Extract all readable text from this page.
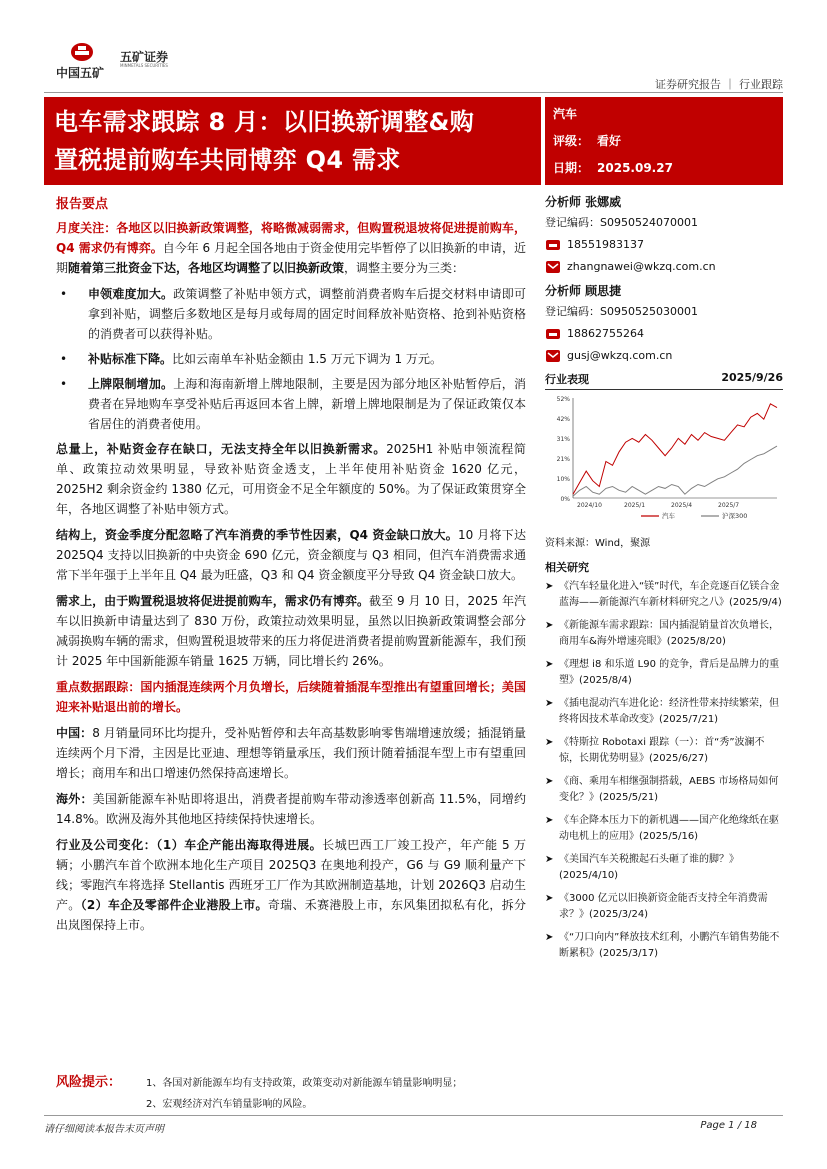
中国五矿
五矿证券
MINMETALS SECURITIES
证券研究报告 ｜ 行业跟踪
电车需求跟踪 8 月：以旧换新调整&购
置税提前购车共同博弈 Q4 需求
汽车
评级： 看好
日期： 2025.09.27
报告要点

月度关注：各地区以旧换新政策调整，将略微减弱需求，但购置税退坡将促进提前购车，Q4 需求仍有博弈。自今年 6 月起全国各地由于资金使用完毕暂停了以旧换新的申请，近期随着第三批资金下达，各地区均调整了以旧换新政策，调整主要分为三类：

• 申领难度加大。政策调整了补贴申领方式，调整前消费者购车后提交材料申请即可拿到补贴，调整后多数地区是每月或每周的固定时间释放补贴资格、抢到补贴资格的消费者可以获得补贴。
• 补贴标准下降。比如云南单车补贴金额由 1.5 万元下调为 1 万元。
• 上牌限制增加。上海和海南新增上牌地限制，主要是因为部分地区补贴暂停后，消费者在异地购车享受补贴后再返回本省上牌，新增上牌地限制是为了保证政策仅本省居住的消费者使用。

总量上，补贴资金存在缺口，无法支持全年以旧换新需求。2025H1 补贴申领流程简单、政策拉动效果明显，导致补贴资金透支，上半年使用补贴资金 1620 亿元， 2025H2 剩余资金约 1380 亿元，可用资金不足全年额度的 50%。为了保证政策贯穿全年，各地区调整了补贴申领方式。

结构上，资金季度分配忽略了汽车消费的季节性因素，Q4 资金缺口放大。10 月将下达 2025Q4 支持以旧换新的中央资金 690 亿元，资金额度与 Q3 相同，但汽车消费需求通常下半年强于上半年且 Q4 最为旺盛，Q3 和 Q4 资金额度平分导致 Q4 资金缺口放大。

需求上，由于购置税退坡将促进提前购车，需求仍有博弈。截至 9 月 10 日，2025 年汽车以旧换新申请量达到了 830 万份，政策拉动效果明显，虽然以旧换新政策调整会部分减弱换购车辆的需求，但购置税退坡带来的压力将促进消费者提前购置新能源车，我们预计 2025 年中国新能源车销量 1625 万辆，同比增长约 26%。

重点数据跟踪：国内插混连续两个月负增长，后续随着插混车型推出有望重回增长；美国迎来补贴退出前的增长。

中国：8 月销量同环比均提升，受补贴暂停和去年高基数影响零售端增速放缓；插混销量连续两个月下滑，主因是比亚迪、理想等销量承压，我们预计随着插混车型上市有望重回增长；商用车和出口增速仍然保持高速增长。

海外：美国新能源车补贴即将退出，消费者提前购车带动渗透率创新高 11.5%，同增约 14.8%。欧洲及海外其他地区持续保持快速增长。

行业及公司变化：（1）车企产能出海取得进展。长城巴西工厂竣工投产，年产能 5 万辆；小鹏汽车首个欧洲本地化生产项目 2025Q3 在奥地利投产，G6 与 G9 顺利量产下线；零跑汽车将选择 Stellantis 西班牙工厂作为其欧洲制造基地，计划 2026Q3 启动生产。（2）车企及零部件企业港股上市。奇瑞、禾赛港股上市，东风集团拟私有化，拆分出岚图保持上市。

风险提示： 1、各国对新能源车均有支持政策，政策变动对新能源车销量影响明显；
2、宏观经济对汽车销量影响的风险。
分析师 张娜威
登记编码：S0950524070001
18551983137
zhangnawei@wkzq.com.cn
分析师 顾思捷
登记编码：S0950525030001
18862755264
gusj@wkzq.com.cn
行业表现	2025/9/26
52%
42%
31%
21%
10%
0%
2024/10	2025/1	2025/4	2025/7
汽车	沪深300
资料来源：Wind，聚源
相关研究
➤ 《汽车轻量化进入“镁”时代，车企竞逐百亿镁合金蓝海——新能源汽车新材料研究之八》(2025/9/4)
➤ 《新能源车需求跟踪：国内插混销量首次负增长，商用车&海外增速亮眼》(2025/8/20)
➤ 《理想 i8 和乐道 L90 的竞争，背后是品牌力的重塑》(2025/8/4)
➤ 《插电混动汽车进化论：经济性带来持续繁荣，但终将因技术革命改变》(2025/7/21)
➤ 《特斯拉 Robotaxi 跟踪（一）：首“秀”波澜不惊，长期优势明显》(2025/6/27)
➤ 《商、乘用车相继强制搭载，AEBS 市场格局如何变化？》(2025/5/21)
➤ 《车企降本压力下的新机遇——国产化绝缘纸在驱动电机上的应用》(2025/5/16)
➤ 《美国汽车关税搬起石头砸了谁的脚？》(2025/4/10)
➤ 《3000 亿元以旧换新资金能否支持全年消费需求？》(2025/3/24)
➤ 《“刀口向内”释放技术红利，小鹏汽车销售势能不断累积》(2025/3/17)
请仔细阅读本报告末页声明	Page 1 / 18
